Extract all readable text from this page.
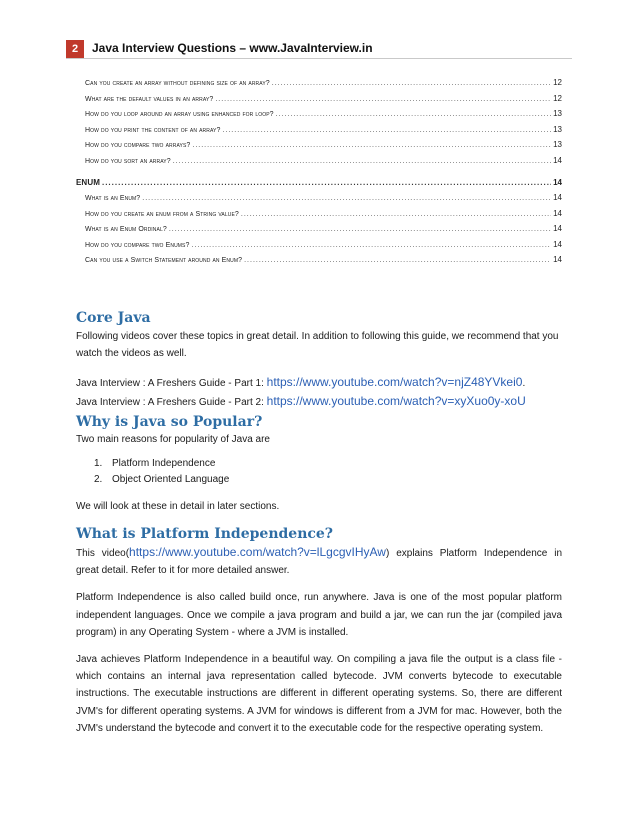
2	Java Interview Questions – www.JavaInterview.in
Can you create an array without defining size of an array? .....	12
What are the default values in an array? .....	12
How do you loop around an array using enhanced for loop? .....	13
How do you print the content of an array? .....	13
How do you compare two arrays? .....	13
How do you sort an array? .....	14
ENUM .....	14
What is an Enum? .....	14
How do you create an enum from a String value? .....	14
What is an Enum Ordinal? .....	14
How do you compare two Enums? .....	14
Can you use a Switch Statement around an Enum? .....	14
Core Java

Following videos cover these topics in great detail. In addition to following this guide, we recommend that you watch the videos as well.

Java Interview : A Freshers Guide - Part 1: https://www.youtube.com/watch?v=njZ48YVkei0.

Java Interview : A Freshers Guide - Part 2: https://www.youtube.com/watch?v=xyXuo0y-xoU

Why is Java so Popular?

Two main reasons for popularity of Java are

1. Platform Independence
2. Object Oriented Language

We will look at these in detail in later sections.

What is Platform Independence?

This video(https://www.youtube.com/watch?v=lLgcgvIHyAw) explains Platform Independence in great detail. Refer to it for more detailed answer.

Platform Independence is also called build once, run anywhere. Java is one of the most popular platform independent languages. Once we compile a java program and build a jar, we can run the jar (compiled java program) in any Operating System - where a JVM is installed.

Java achieves Platform Independence in a beautiful way. On compiling a java file the output is a class file - which contains an internal java representation called bytecode. JVM converts bytecode to executable instructions. The executable instructions are different in different operating systems. So, there are different JVM's for different operating systems. A JVM for windows is different from a JVM for mac. However, both the JVM's understand the bytecode and convert it to the executable code for the respective operating system.
